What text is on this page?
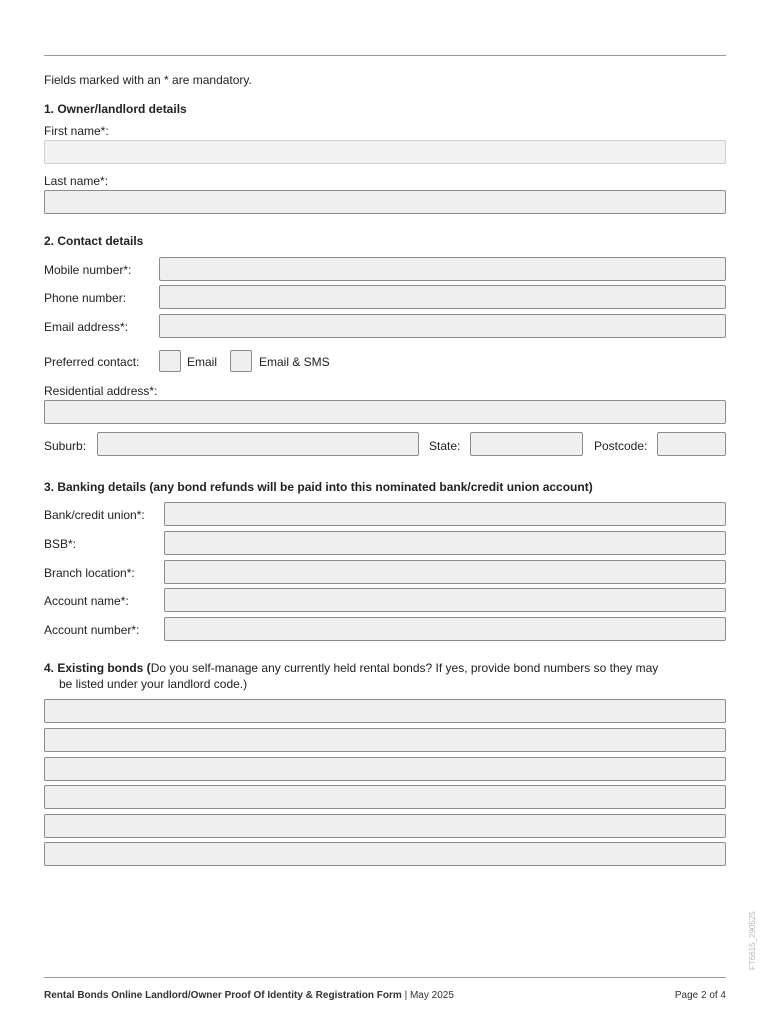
Fields marked with an * are mandatory.
1. Owner/landlord details
First name*:
Last name*:
2. Contact details
Mobile number*:
Phone number:
Email address*:
Preferred contact:	Email	Email & SMS
Residential address*:
Suburb:	State:	Postcode:
3. Banking details (any bond refunds will be paid into this nominated bank/credit union account)
Bank/credit union*:
BSB*:
Branch location*:
Account name*:
Account number*:
4. Existing bonds (Do you self-manage any currently held rental bonds? If yes, provide bond numbers so they may
be listed under your landlord code.)
FT6615_290525
Rental Bonds Online Landlord/Owner Proof Of Identity & Registration Form | May 2025	Page 2 of 4
